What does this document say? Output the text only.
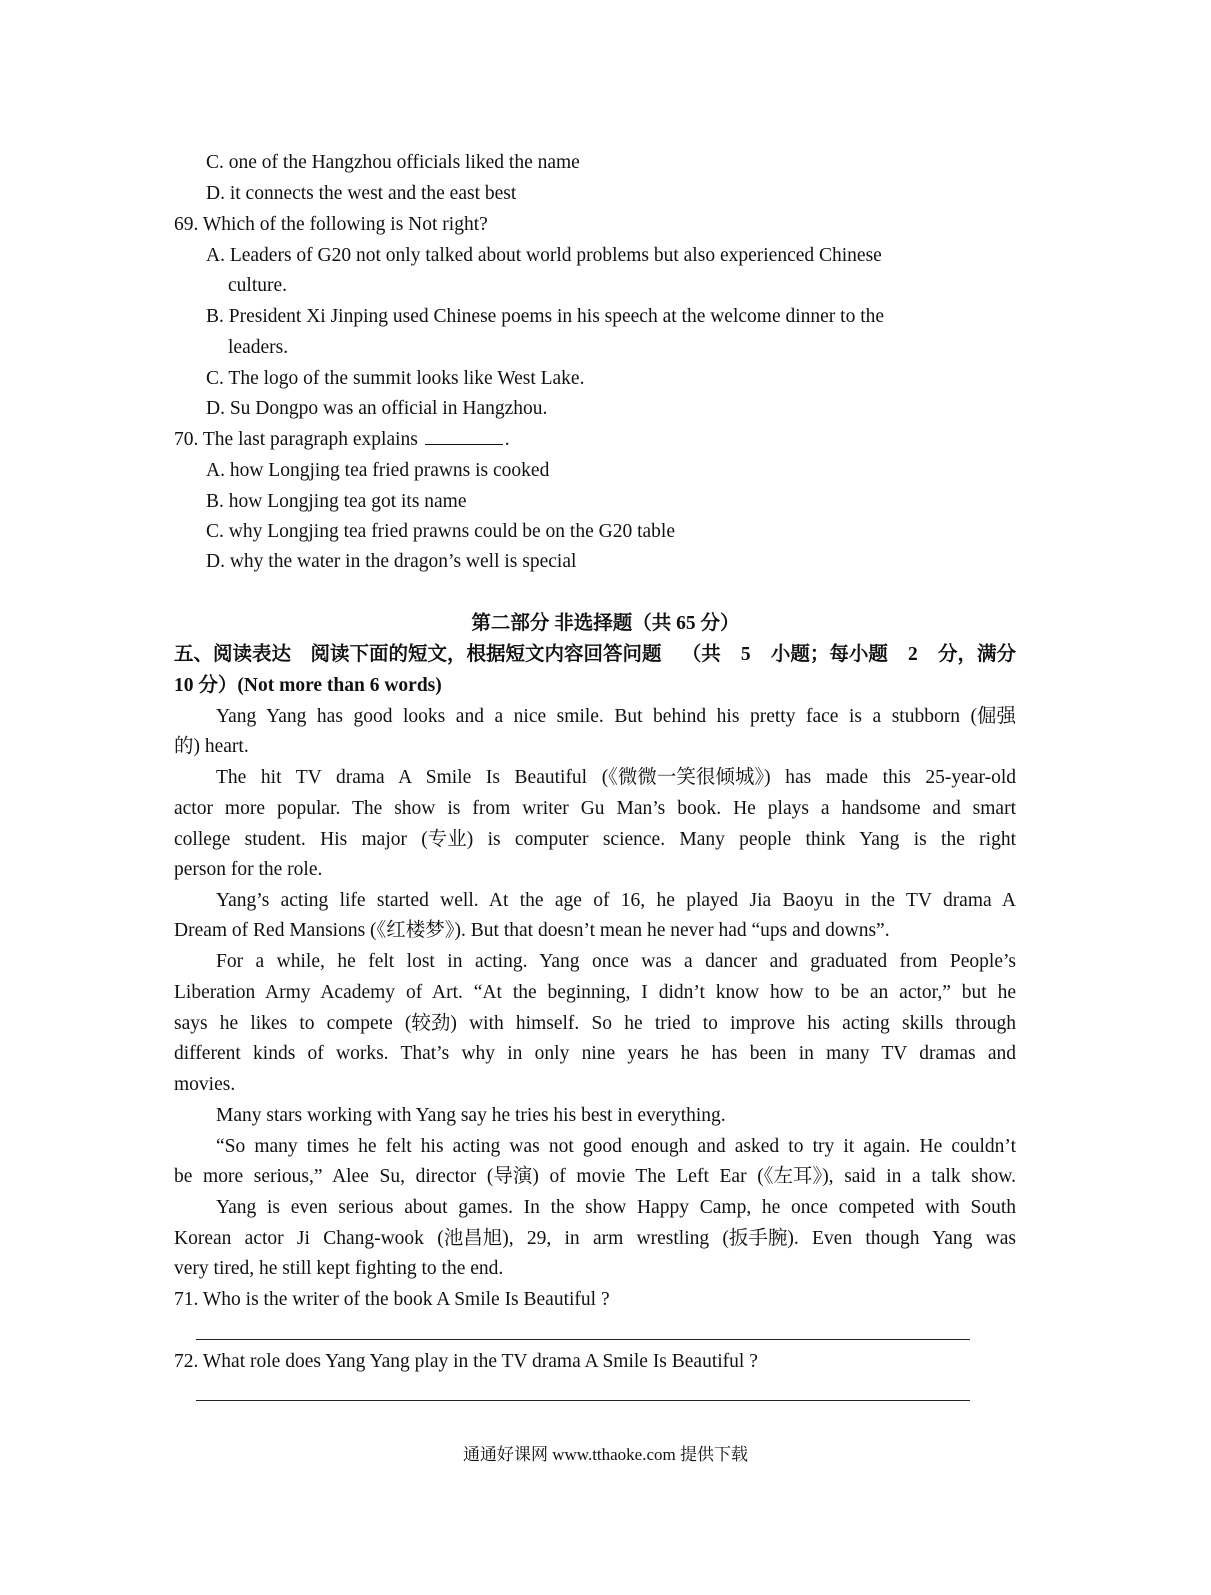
C. one of the Hangzhou officials liked the name
D. it connects the west and the east best
69. Which of the following is Not right?
A. Leaders of G20 not only talked about world problems but also experienced Chinese
culture.
B. President Xi Jinping used Chinese poems in his speech at the welcome dinner to the
leaders.
C. The logo of the summit looks like West Lake.
D. Su Dongpo was an official in Hangzhou.
70. The last paragraph explains	.
A. how Longjing tea fried prawns is cooked
B. how Longjing tea got its name
C. why Longjing tea fried prawns could be on the G20 table
D. why the water in the dragon’s well is special
第二部分 非选择题（共 65 分）
五、阅读表达　阅读下面的短文，根据短文内容回答问题 （共 5 小题；每小题 2 分，满分
10 分）(Not more than 6 words)
Yang Yang has good looks and a nice smile. But behind his pretty face is a stubborn (倔强
的) heart.
The hit TV drama A Smile Is Beautiful (《微微一笑很倾城》) has made this 25-year-old
actor more popular. The show is from writer Gu Man’s book. He plays a handsome and smart
college student. His major (专业) is computer science. Many people think Yang is the right
person for the role.
Yang’s acting life started well. At the age of 16, he played Jia Baoyu in the TV drama A
Dream of Red Mansions (《红楼梦》). But that doesn’t mean he never had “ups and downs”.
For a while, he felt lost in acting. Yang once was a dancer and graduated from People’s
Liberation Army Academy of Art. “At the beginning, I didn’t know how to be an actor,” but he
says he likes to compete (较劲) with himself. So he tried to improve his acting skills through
different kinds of works. That’s why in only nine years he has been in many TV dramas and
movies.
Many stars working with Yang say he tries his best in everything.
“So many times he felt his acting was not good enough and asked to try it again. He couldn’t
be more serious,” Alee Su, director (导演) of movie The Left Ear (《左耳》), said in a talk show.
Yang is even serious about games. In the show Happy Camp, he once competed with South
Korean actor Ji Chang-wook (池昌旭), 29, in arm wrestling (扳手腕). Even though Yang was
very tired, he still kept fighting to the end.
71. Who is the writer of the book A Smile Is Beautiful ?
72. What role does Yang Yang play in the TV drama A Smile Is Beautiful ?
通通好课网 www.tthaoke.com 提供下载
